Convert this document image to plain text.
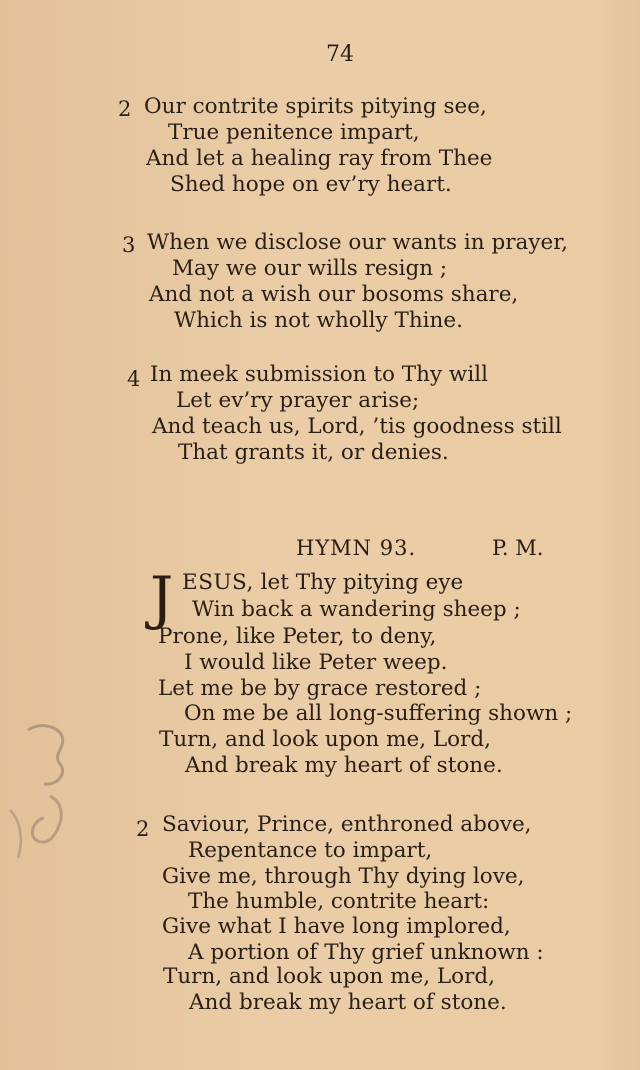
74
2 Our contrite spirits pitying see,
True penitence impart,
And let a healing ray from Thee
Shed hope on ev’ry heart.
3 When we disclose our wants in prayer,
May we our wills resign ;
And not a wish our bosoms share,
Which is not wholly Thine.
4 In meek submission to Thy will
Let ev’ry prayer arise;
And teach us, Lord, ’tis goodness still
That grants it, or denies.
HYMN 93.	P. M.
J ESUS, let Thy pitying eye
Win back a wandering sheep ;
Prone, like Peter, to deny,
I would like Peter weep.
Let me be by grace restored ;
On me be all long-suffering shown ;
Turn, and look upon me, Lord,
And break my heart of stone.
2 Saviour, Prince, enthroned above,
Repentance to impart,
Give me, through Thy dying love,
The humble, contrite heart:
Give what I have long implored,
A portion of Thy grief unknown :
Turn, and look upon me, Lord,
And break my heart of stone.
